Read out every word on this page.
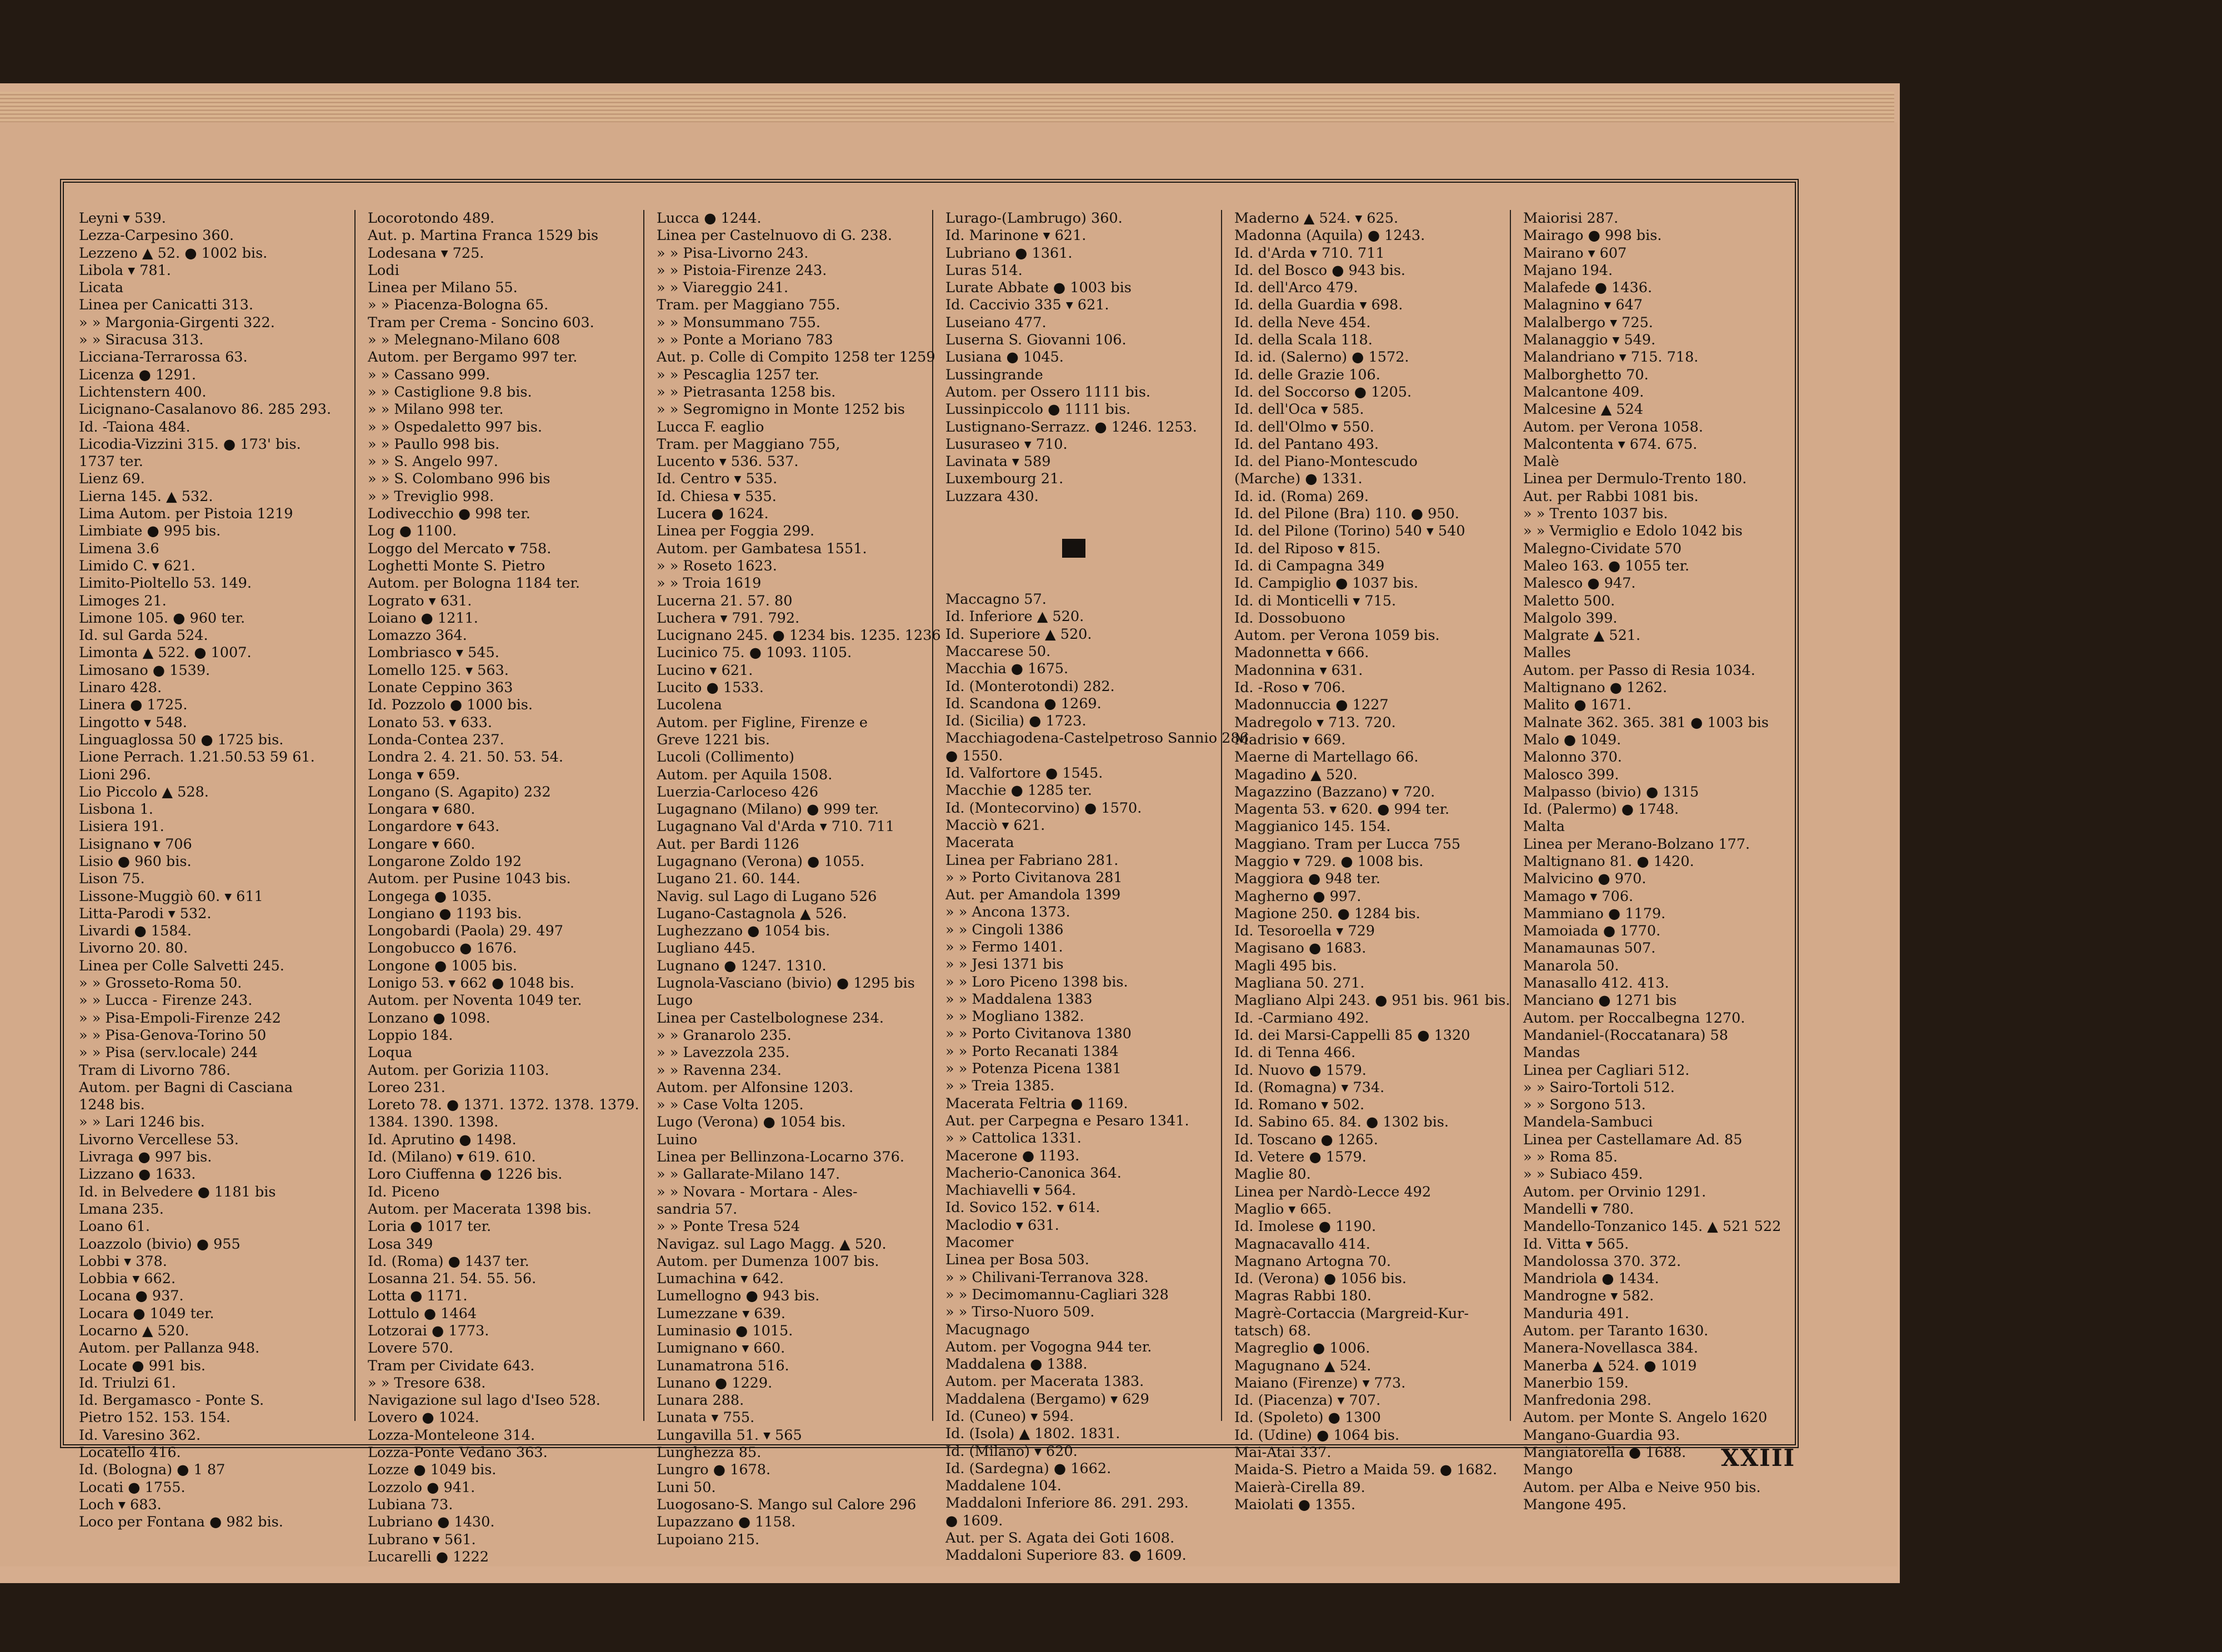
Leyni ▾ 539.
Lezza-Carpesino 360.
Lezzeno ▲ 52. ● 1002 bis.
Libola ▾ 781.
Licata
Linea per Canicatti 313.
» » Margonia-Girgenti 322.
» » Siracusa 313.
Licciana-Terrarossa 63.
Licenza ● 1291.
Lichtenstern 400.
Licignano-Casalanovo 86. 285 293.
Id. -Taiona 484.
Licodia-Vizzini 315. ● 173' bis.
1737 ter.
Lienz 69.
Lierna 145. ▲ 532.
Lima Autom. per Pistoia 1219
Limbiate ● 995 bis.
Limena 3.6
Limido C. ▾ 621.
Limito-Pioltello 53. 149.
Limoges 21.
Limone 105. ● 960 ter.
Id. sul Garda 524.
Limonta ▲ 522. ● 1007.
Limosano ● 1539.
Linaro 428.
Linera ● 1725.
Lingotto ▾ 548.
Linguaglossa 50 ● 1725 bis.
Lione Perrach. 1.21.50.53 59 61.
Lioni 296.
Lio Piccolo ▲ 528.
Lisbona 1.
Lisiera 191.
Lisignano ▾ 706
Lisio ● 960 bis.
Lison 75.
Lissone-Muggiò 60. ▾ 611
Litta-Parodi ▾ 532.
Livardi ● 1584.
Livorno 20. 80.
Linea per Colle Salvetti 245.
» » Grosseto-Roma 50.
» » Lucca - Firenze 243.
» » Pisa-Empoli-Firenze 242
» » Pisa-Genova-Torino 50
» » Pisa (serv.locale) 244
Tram di Livorno 786.
Autom. per Bagni di Casciana
1248 bis.
» » Lari 1246 bis.
Livorno Vercellese 53.
Livraga ● 997 bis.
Lizzano ● 1633.
Id. in Belvedere ● 1181 bis
Lmana 235.
Loano 61.
Loazzolo (bivio) ● 955
Lobbi ▾ 378.
Lobbia ▾ 662.
Locana ● 937.
Locara ● 1049 ter.
Locarno ▲ 520.
Autom. per Pallanza 948.
Locate ● 991 bis.
Id. Triulzi 61.
Id. Bergamasco - Ponte S.
Pietro 152. 153. 154.
Id. Varesino 362.
Locatello 416.
Id. (Bologna) ● 1 87
Locati ● 1755.
Loch ▾ 683.
Loco per Fontana ● 982 bis.
Locorotondo 489.
Aut. p. Martina Franca 1529 bis
Lodesana ▾ 725.
Lodi
Linea per Milano 55.
» » Piacenza-Bologna 65.
Tram per Crema - Soncino 603.
» » Melegnano-Milano 608
Autom. per Bergamo 997 ter.
» » Cassano 999.
» » Castiglione 9.8 bis.
» » Milano 998 ter.
» » Ospedaletto 997 bis.
» » Paullo 998 bis.
» » S. Angelo 997.
» » S. Colombano 996 bis
» » Treviglio 998.
Lodivecchio ● 998 ter.
Log ● 1100.
Loggo del Mercato ▾ 758.
Loghetti Monte S. Pietro
Autom. per Bologna 1184 ter.
Lograto ▾ 631.
Loiano ● 1211.
Lomazzo 364.
Lombriasco ▾ 545.
Lomello 125. ▾ 563.
Lonate Ceppino 363
Id. Pozzolo ● 1000 bis.
Lonato 53. ▾ 633.
Londa-Contea 237.
Londra 2. 4. 21. 50. 53. 54.
Longa ▾ 659.
Longano (S. Agapito) 232
Longara ▾ 680.
Longardore ▾ 643.
Longare ▾ 660.
Longarone Zoldo 192
Autom. per Pusine 1043 bis.
Longega ● 1035.
Longiano ● 1193 bis.
Longobardi (Paola) 29. 497
Longobucco ● 1676.
Longone ● 1005 bis.
Lonigo 53. ▾ 662 ● 1048 bis.
Autom. per Noventa 1049 ter.
Lonzano ● 1098.
Loppio 184.
Loqua
Autom. per Gorizia 1103.
Loreo 231.
Loreto 78. ● 1371. 1372. 1378. 1379.
1384. 1390. 1398.
Id. Aprutino ● 1498.
Id. (Milano) ▾ 619. 610.
Loro Ciuffenna ● 1226 bis.
Id. Piceno
Autom. per Macerata 1398 bis.
Loria ● 1017 ter.
Losa 349
Id. (Roma) ● 1437 ter.
Losanna 21. 54. 55. 56.
Lotta ● 1171.
Lottulo ● 1464
Lotzorai ● 1773.
Lovere 570.
Tram per Cividate 643.
» » Tresore 638.
Navigazione sul lago d'Iseo 528.
Lovero ● 1024.
Lozza-Monteleone 314.
Lozza-Ponte Vedano 363.
Lozze ● 1049 bis.
Lozzolo ● 941.
Lubiana 73.
Lubriano ● 1430.
Lubrano ▾ 561.
Lucarelli ● 1222
Lucca ● 1244.
Linea per Castelnuovo di G. 238.
» » Pisa-Livorno 243.
» » Pistoia-Firenze 243.
» » Viareggio 241.
Tram. per Maggiano 755.
» » Monsummano 755.
» » Ponte a Moriano 783
Aut. p. Colle di Compito 1258 ter 1259
» » Pescaglia 1257 ter.
» » Pietrasanta 1258 bis.
» » Segromigno in Monte 1252 bis
Lucca F. eaglio
Tram. per Maggiano 755,
Lucento ▾ 536. 537.
Id. Centro ▾ 535.
Id. Chiesa ▾ 535.
Lucera ● 1624.
Linea per Foggia 299.
Autom. per Gambatesa 1551.
» » Roseto 1623.
» » Troia 1619
Lucerna 21. 57. 80
Luchera ▾ 791. 792.
Lucignano 245. ● 1234 bis. 1235. 1236
Lucinico 75. ● 1093. 1105.
Lucino ▾ 621.
Lucito ● 1533.
Lucolena
Autom. per Figline, Firenze e
Greve 1221 bis.
Lucoli (Collimento)
Autom. per Aquila 1508.
Luerzia-Carloceso 426
Lugagnano (Milano) ● 999 ter.
Lugagnano Val d'Arda ▾ 710. 711
Aut. per Bardi 1126
Lugagnano (Verona) ● 1055.
Lugano 21. 60. 144.
Navig. sul Lago di Lugano 526
Lugano-Castagnola ▲ 526.
Lughezzano ● 1054 bis.
Lugliano 445.
Lugnano ● 1247. 1310.
Lugnola-Vasciano (bivio) ● 1295 bis
Lugo
Linea per Castelbolognese 234.
» » Granarolo 235.
» » Lavezzola 235.
» » Ravenna 234.
Autom. per Alfonsine 1203.
» » Case Volta 1205.
Lugo (Verona) ● 1054 bis.
Luino
Linea per Bellinzona-Locarno 376.
» » Gallarate-Milano 147.
» » Novara - Mortara - Ales-
sandria 57.
» » Ponte Tresa 524
Navigaz. sul Lago Magg. ▲ 520.
Autom. per Dumenza 1007 bis.
Lumachina ▾ 642.
Lumellogno ● 943 bis.
Lumezzane ▾ 639.
Luminasio ● 1015.
Lumignano ▾ 660.
Lunamatrona 516.
Lunano ● 1229.
Lunara 288.
Lunata ▾ 755.
Lungavilla 51. ▾ 565
Lunghezza 85.
Lungro ● 1678.
Luni 50.
Luogosano-S. Mango sul Calore 296
Lupazzano ● 1158.
Lupoiano 215.
Lurago-(Lambrugo) 360.
Id. Marinone ▾ 621.
Lubriano ● 1361.
Luras 514.
Lurate Abbate ● 1003 bis
Id. Caccivio 335 ▾ 621.
Luseiano 477.
Luserna S. Giovanni 106.
Lusiana ● 1045.
Lussingrande
Autom. per Ossero 1111 bis.
Lussinpiccolo ● 1111 bis.
Lustignano-Serrazz. ● 1246. 1253.
Lusuraseo ▾ 710.
Lavinata ▾ 589
Luxembourg 21.
Luzzara 430.
Maccagno 57.
Id. Inferiore ▲ 520.
Id. Superiore ▲ 520.
Maccarese 50.
Macchia ● 1675.
Id. (Monterotondi) 282.
Id. Scandona ● 1269.
Id. (Sicilia) ● 1723.
Macchiagodena-Castelpetroso Sannio 286
● 1550.
Id. Valfortore ● 1545.
Macchie ● 1285 ter.
Id. (Montecorvino) ● 1570.
Macciò ▾ 621.
Macerata
Linea per Fabriano 281.
» » Porto Civitanova 281
Aut. per Amandola 1399
» » Ancona 1373.
» » Cingoli 1386
» » Fermo 1401.
» » Jesi 1371 bis
» » Loro Piceno 1398 bis.
» » Maddalena 1383
» » Mogliano 1382.
» » Porto Civitanova 1380
» » Porto Recanati 1384
» » Potenza Picena 1381
» » Treia 1385.
Macerata Feltria ● 1169.
Aut. per Carpegna e Pesaro 1341.
» » Cattolica 1331.
Macerone ● 1193.
Macherio-Canonica 364.
Machiavelli ▾ 564.
Id. Sovico 152. ▾ 614.
Maclodio ▾ 631.
Macomer
Linea per Bosa 503.
» » Chilivani-Terranova 328.
» » Decimomannu-Cagliari 328
» » Tirso-Nuoro 509.
Macugnago
Autom. per Vogogna 944 ter.
Maddalena ● 1388.
Autom. per Macerata 1383.
Maddalena (Bergamo) ▾ 629
Id. (Cuneo) ▾ 594.
Id. (Isola) ▲ 1802. 1831.
Id. (Milano) ▾ 620.
Id. (Sardegna) ● 1662.
Maddalene 104.
Maddaloni Inferiore 86. 291. 293.
● 1609.
Aut. per S. Agata dei Goti 1608.
Maddaloni Superiore 83. ● 1609.
Maderno ▲ 524. ▾ 625.
Madonna (Aquila) ● 1243.
Id. d'Arda ▾ 710. 711
Id. del Bosco ● 943 bis.
Id. dell'Arco 479.
Id. della Guardia ▾ 698.
Id. della Neve 454.
Id. della Scala 118.
Id. id. (Salerno) ● 1572.
Id. delle Grazie 106.
Id. del Soccorso ● 1205.
Id. dell'Oca ▾ 585.
Id. dell'Olmo ▾ 550.
Id. del Pantano 493.
Id. del Piano-Montescudo
(Marche) ● 1331.
Id. id. (Roma) 269.
Id. del Pilone (Bra) 110. ● 950.
Id. del Pilone (Torino) 540 ▾ 540
Id. del Riposo ▾ 815.
Id. di Campagna 349
Id. Campiglio ● 1037 bis.
Id. di Monticelli ▾ 715.
Id. Dossobuono
Autom. per Verona 1059 bis.
Madonnetta ▾ 666.
Madonnina ▾ 631.
Id. -Roso ▾ 706.
Madonnuccia ● 1227
Madregolo ▾ 713. 720.
Madrisio ▾ 669.
Maerne di Martellago 66.
Magadino ▲ 520.
Magazzino (Bazzano) ▾ 720.
Magenta 53. ▾ 620. ● 994 ter.
Maggianico 145. 154.
Maggiano. Tram per Lucca 755
Maggio ▾ 729. ● 1008 bis.
Maggiora ● 948 ter.
Magherno ● 997.
Magione 250. ● 1284 bis.
Id. Tesoroella ▾ 729
Magisano ● 1683.
Magli 495 bis.
Magliana 50. 271.
Magliano Alpi 243. ● 951 bis. 961 bis.
Id. -Carmiano 492.
Id. dei Marsi-Cappelli 85 ● 1320
Id. di Tenna 466.
Id. Nuovo ● 1579.
Id. (Romagna) ▾ 734.
Id. Romano ▾ 502.
Id. Sabino 65. 84. ● 1302 bis.
Id. Toscano ● 1265.
Id. Vetere ● 1579.
Maglie 80.
Linea per Nardò-Lecce 492
Maglio ▾ 665.
Id. Imolese ● 1190.
Magnacavallo 414.
Magnano Artogna 70.
Id. (Verona) ● 1056 bis.
Magras Rabbi 180.
Magrè-Cortaccia (Margreid-Kur-
tatsch) 68.
Magreglio ● 1006.
Magugnano ▲ 524.
Maiano (Firenze) ▾ 773.
Id. (Piacenza) ▾ 707.
Id. (Spoleto) ● 1300
Id. (Udine) ● 1064 bis.
Mai-Atai 337.
Maida-S. Pietro a Maida 59. ● 1682.
Maierà-Cirella 89.
Maiolati ● 1355.
Maiorisi 287.
Mairago ● 998 bis.
Mairano ▾ 607
Majano 194.
Malafede ● 1436.
Malagnino ▾ 647
Malalbergo ▾ 725.
Malanaggio ▾ 549.
Malandriano ▾ 715. 718.
Malborghetto 70.
Malcantone 409.
Malcesine ▲ 524
Autom. per Verona 1058.
Malcontenta ▾ 674. 675.
Malè
Linea per Dermulo-Trento 180.
Aut. per Rabbi 1081 bis.
» » Trento 1037 bis.
» » Vermiglio e Edolo 1042 bis
Malegno-Cividate 570
Maleo 163. ● 1055 ter.
Malesco ● 947.
Maletto 500.
Malgolo 399.
Malgrate ▲ 521.
Malles
Autom. per Passo di Resia 1034.
Maltignano ● 1262.
Malito ● 1671.
Malnate 362. 365. 381 ● 1003 bis
Malo ● 1049.
Malonno 370.
Malosco 399.
Malpasso (bivio) ● 1315
Id. (Palermo) ● 1748.
Malta
Linea per Merano-Bolzano 177.
Maltignano 81. ● 1420.
Malvicino ● 970.
Mamago ▾ 706.
Mammiano ● 1179.
Mamoiada ● 1770.
Manamaunas 507.
Manarola 50.
Manasallo 412. 413.
Manciano ● 1271 bis
Autom. per Roccalbegna 1270.
Mandaniel-(Roccatanara) 58
Mandas
Linea per Cagliari 512.
» » Sairo-Tortoli 512.
» » Sorgono 513.
Mandela-Sambuci
Linea per Castellamare Ad. 85
» » Roma 85.
» » Subiaco 459.
Autom. per Orvinio 1291.
Mandelli ▾ 780.
Mandello-Tonzanico 145. ▲ 521 522
Id. Vitta ▾ 565.
Mandolossa 370. 372.
Mandriola ● 1434.
Mandrogne ▾ 582.
Manduria 491.
Autom. per Taranto 1630.
Manera-Novellasca 384.
Manerba ▲ 524. ● 1019
Manerbio 159.
Manfredonia 298.
Autom. per Monte S. Angelo 1620
Mangano-Guardia 93.
Mangiatorella ● 1688.
Mango
Autom. per Alba e Neive 950 bis.
Mangone 495.
XXIII
